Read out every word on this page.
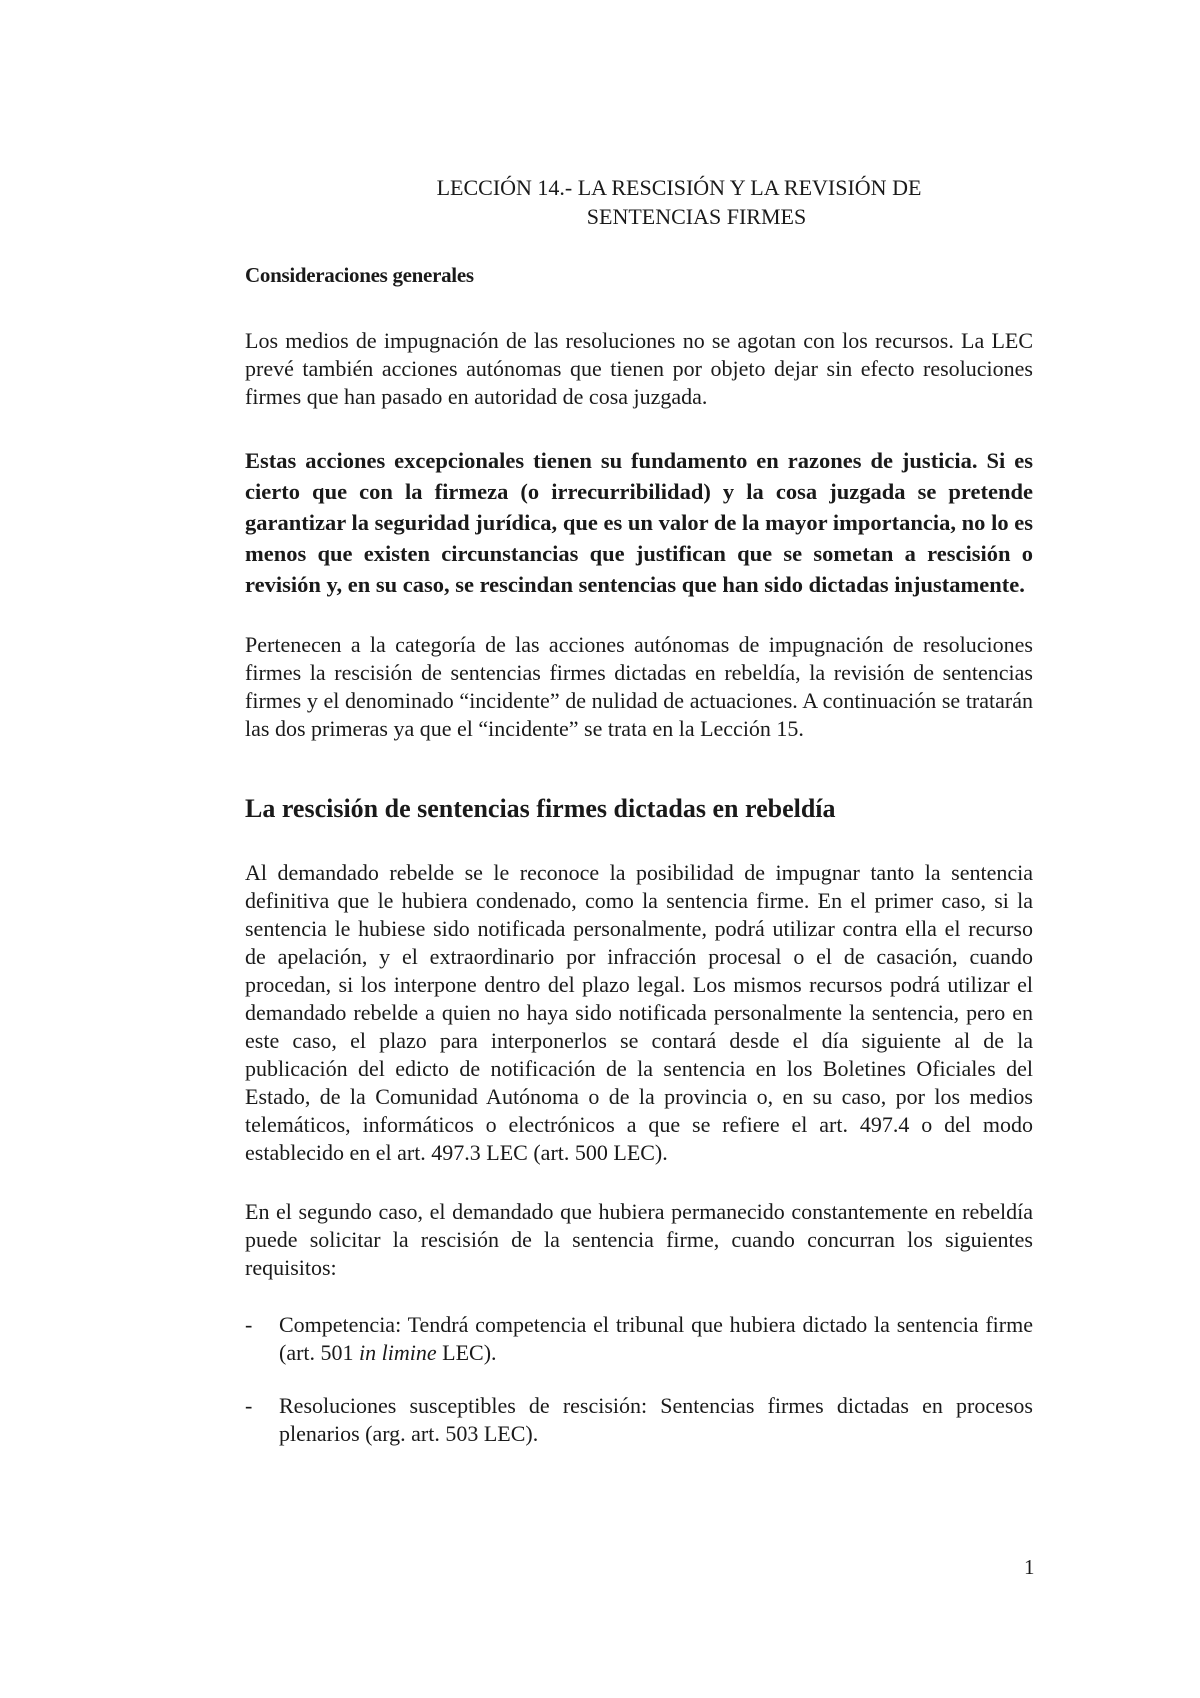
LECCIÓN 14.- LA RESCISIÓN Y LA REVISIÓN DE
SENTENCIAS FIRMES
Consideraciones generales

Los medios de impugnación de las resoluciones no se agotan con los recursos. La LEC prevé también acciones autónomas que tienen por objeto dejar sin efecto resoluciones firmes que han pasado en autoridad de cosa juzgada.

Estas acciones excepcionales tienen su fundamento en razones de justicia. Si es cierto que con la firmeza (o irrecurribilidad) y la cosa juzgada se pretende garantizar la seguridad jurídica, que es un valor de la mayor importancia, no lo es menos que existen circunstancias que justifican que se sometan a rescisión o revisión y, en su caso, se rescindan sentencias que han sido dictadas injustamente.

Pertenecen a la categoría de las acciones autónomas de impugnación de resoluciones firmes la rescisión de sentencias firmes dictadas en rebeldía, la revisión de sentencias firmes y el denominado “incidente” de nulidad de actuaciones. A continuación se tratarán las dos primeras ya que el “incidente” se trata en la Lección 15.

La rescisión de sentencias firmes dictadas en rebeldía

Al demandado rebelde se le reconoce la posibilidad de impugnar tanto la sentencia definitiva que le hubiera condenado, como la sentencia firme. En el primer caso, si la sentencia le hubiese sido notificada personalmente, podrá utilizar contra ella el recurso de apelación, y el extraordinario por infracción procesal o el de casación, cuando procedan, si los interpone dentro del plazo legal. Los mismos recursos podrá utilizar el demandado rebelde a quien no haya sido notificada personalmente la sentencia, pero en este caso, el plazo para interponerlos se contará desde el día siguiente al de la publicación del edicto de notificación de la sentencia en los Boletines Oficiales del Estado, de la Comunidad Autónoma o de la provincia o, en su caso, por los medios telemáticos, informáticos o electrónicos a que se refiere el art. 497.4 o del modo establecido en el art. 497.3 LEC (art. 500 LEC).

En el segundo caso, el demandado que hubiera permanecido constantemente en rebeldía puede solicitar la rescisión de la sentencia firme, cuando concurran los siguientes requisitos:

- Competencia: Tendrá competencia el tribunal que hubiera dictado la sentencia firme (art. 501 in limine LEC).
- Resoluciones susceptibles de rescisión: Sentencias firmes dictadas en procesos plenarios (arg. art. 503 LEC).
1
